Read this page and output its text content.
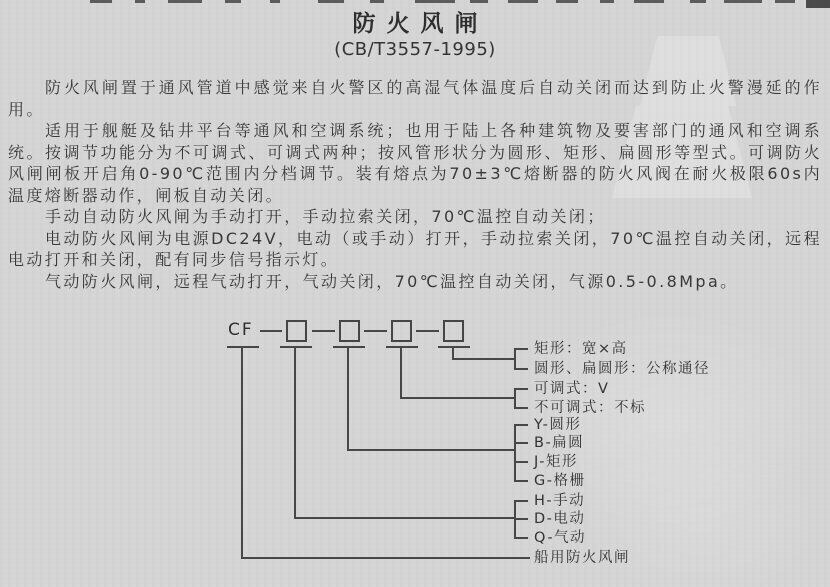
防火风闸
(CB/T3557-1995)

防火风闸置于通风管道中感觉来自火警区的高湿气体温度后自动关闭而达到防止火警漫延的作用。

适用于舰艇及钻井平台等通风和空调系统；也用于陆上各种建筑物及要害部门的通风和空调系统。按调节功能分为不可调式、可调式两种；按风管形状分为圆形、矩形、扁圆形等型式。可调防火风闸闸板开启角0-90℃范围内分档调节。装有熔点为70±3℃熔断器的防火风阀在耐火极限60s内温度熔断器动作，闸板自动关闭。

手动自动防火风闸为手动打开，手动拉索关闭，70℃温控自动关闭；

电动防火风闸为电源DC24V，电动（或手动）打开，手动拉索关闭，70℃温控自动关闭，远程电动打开和关闭，配有同步信号指示灯。

气动防火风闸，远程气动打开，气动关闭，70℃温控自动关闭，气源0.5-0.8Mpa。

CF
矩形：宽×高
圆形、扁圆形：公称通径
可调式：V
不可调式：不标
Y-圆形
B-扁圆
J-矩形
G-格栅
H-手动
D-电动
Q-气动
船用防火风闸
